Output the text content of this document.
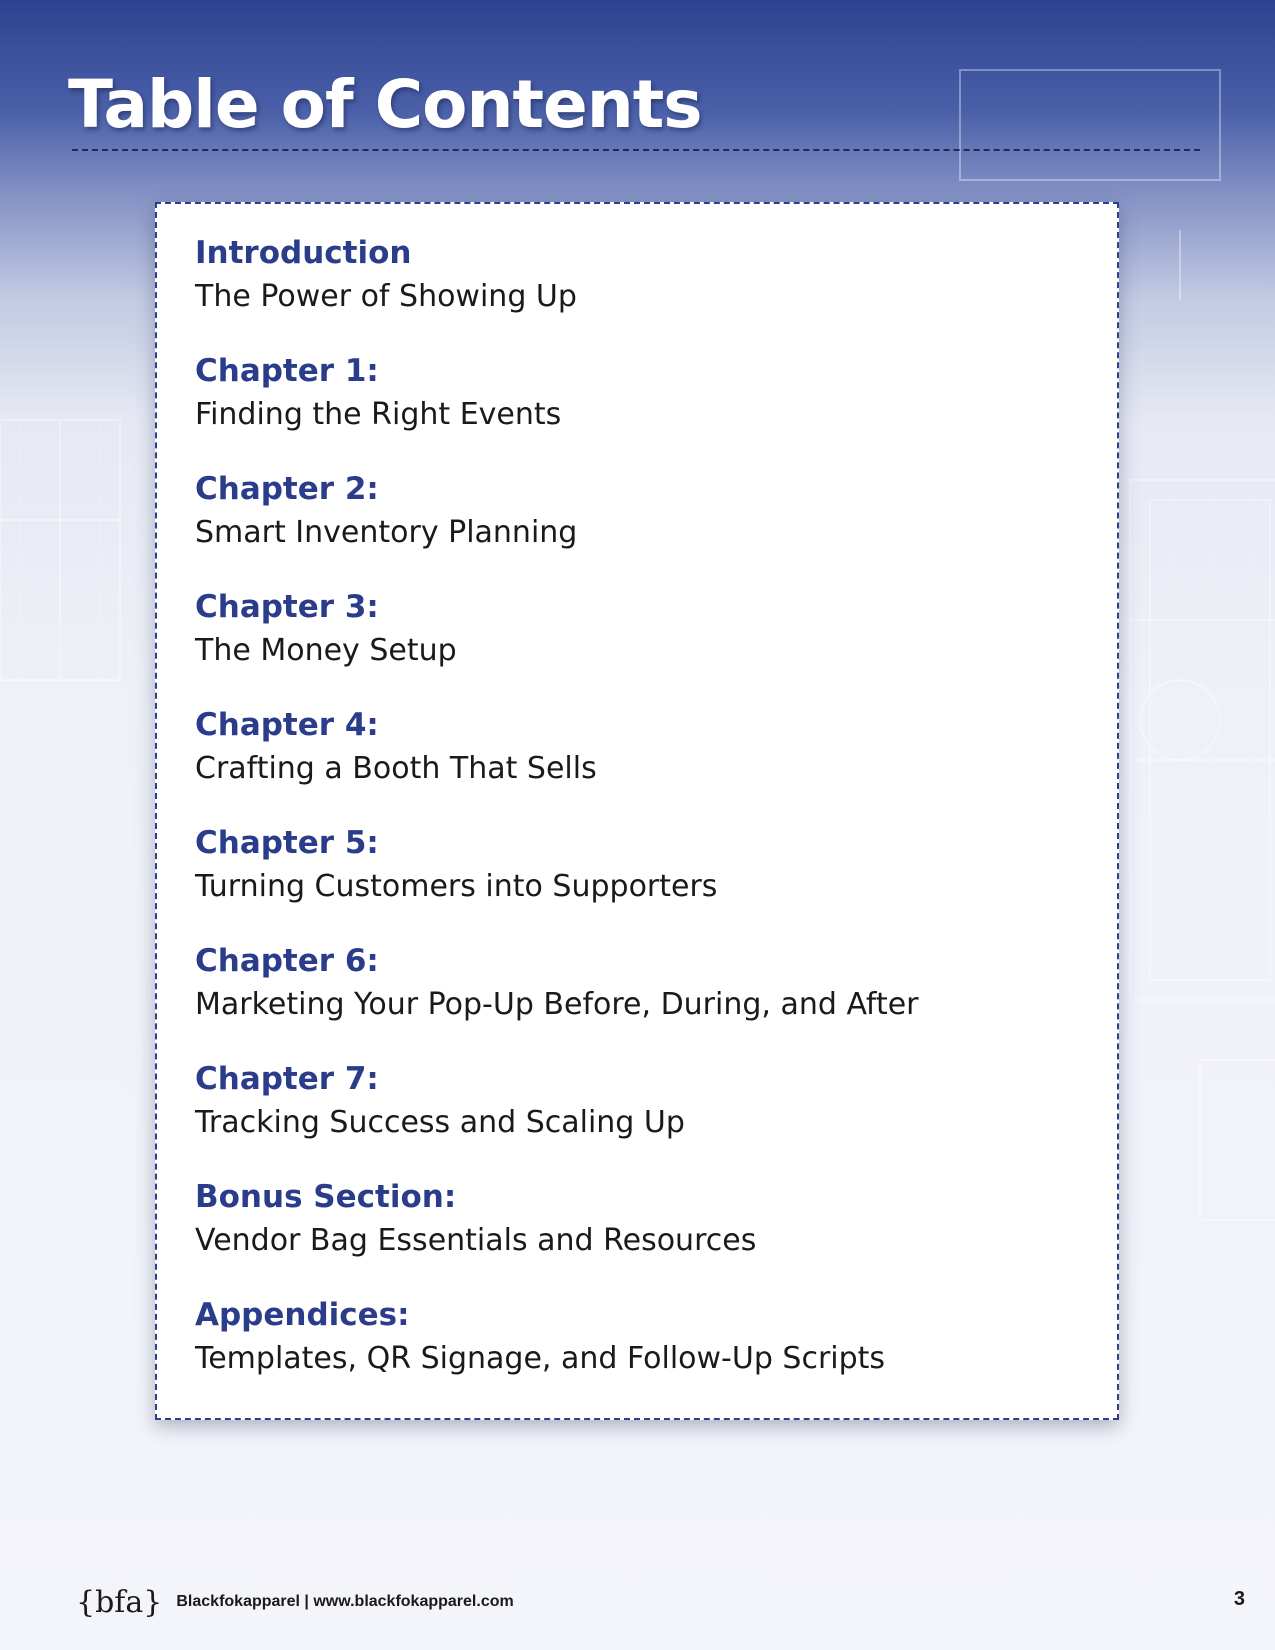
Table of Contents
Introduction
The Power of Showing Up
Chapter 1:
Finding the Right Events
Chapter 2:
Smart Inventory Planning
Chapter 3:
The Money Setup
Chapter 4:
Crafting a Booth That Sells
Chapter 5:
Turning Customers into Supporters
Chapter 6:
Marketing Your Pop-Up Before, During, and After
Chapter 7:
Tracking Success and Scaling Up
Bonus Section:
Vendor Bag Essentials and Resources
Appendices:
Templates, QR Signage, and Follow-Up Scripts
{bfa} Blackfokapparel | www.blackfokapparel.com	3
